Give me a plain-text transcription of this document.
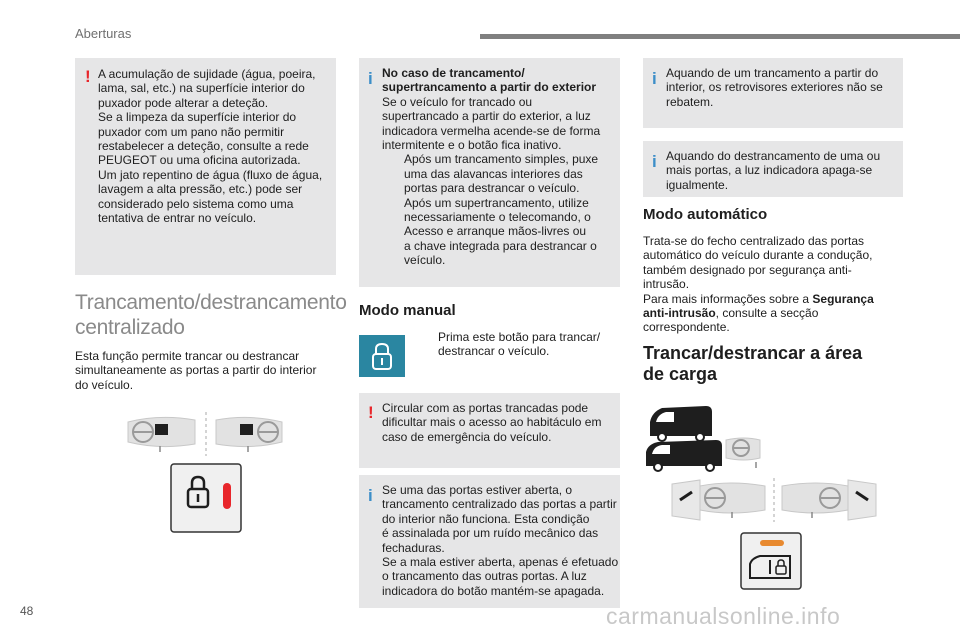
Aberturas
! A acumulação de sujidade (água, poeira,
lama, sal, etc.) na superfície interior do
puxador pode alterar a deteção.
Se a limpeza da superfície interior do
puxador com um pano não permitir
restabelecer a deteção, consulte a rede
PEUGEOT ou uma oficina autorizada.
Um jato repentino de água (fluxo de água,
lavagem a alta pressão, etc.) pode ser
considerado pelo sistema como uma
tentativa de entrar no veículo.
Trancamento/destrancamento
centralizado
Esta função permite trancar ou destrancar
simultaneamente as portas a partir do interior
do veículo.
i No caso de trancamento/
supertrancamento a partir do exterior
Se o veículo for trancado ou
supertrancado a partir do exterior, a luz
indicadora vermelha acende-se de forma
intermitente e o botão fica inativo.
Após um trancamento simples, puxe
uma das alavancas interiores das
portas para destrancar o veículo.
Após um supertrancamento, utilize
necessariamente o telecomando, o
Acesso e arranque mãos-livres ou
a chave integrada para destrancar o
veículo.
Modo manual
Prima este botão para trancar/
destrancar o veículo.
! Circular com as portas trancadas pode
dificultar mais o acesso ao habitáculo em
caso de emergência do veículo.
i Se uma das portas estiver aberta, o
trancamento centralizado das portas a partir
do interior não funciona. Esta condição
é assinalada por um ruído mecânico das
fechaduras.
Se a mala estiver aberta, apenas é efetuado
o trancamento das outras portas. A luz
indicadora do botão mantém-se apagada.
i Aquando de um trancamento a partir do
interior, os retrovisores exteriores não se
rebatem.
i Aquando do destrancamento de uma ou
mais portas, a luz indicadora apaga-se
igualmente.
Modo automático
Trata-se do fecho centralizado das portas
automático do veículo durante a condução,
também designado por segurança anti-
intrusão.
Para mais informações sobre a Segurança
anti-intrusão, consulte a secção
correspondente.
Trancar/destrancar a área
de carga
48	carmanualsonline.info
